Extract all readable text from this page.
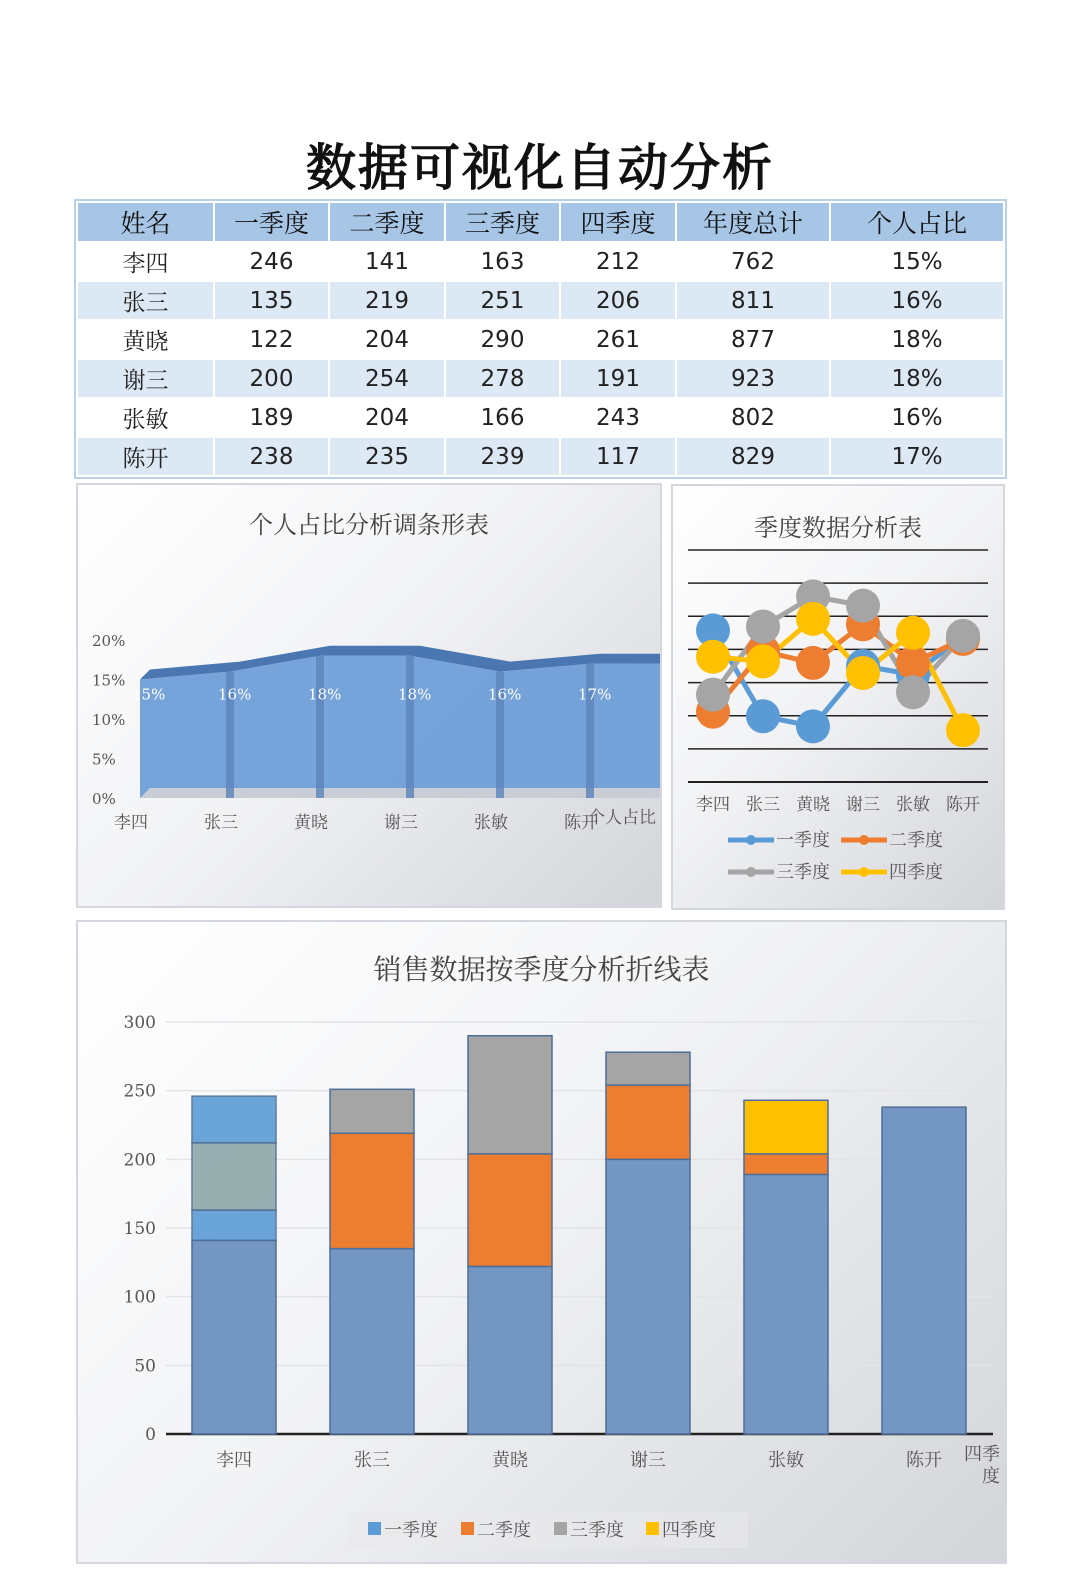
数据可视化自动分析
姓名	一季度	二季度	三季度	四季度	年度总计	个人占比
李四	246	141	163	212	762	15%
张三	135	219	251	206	811	16%
黄晓	122	204	290	261	877	18%
谢三	200	254	278	191	923	18%
张敏	189	204	166	243	802	16%
陈开	238	235	239	117	829	17%
个人占比分析调条形表
0%
5%
10%
15%
20%
15%	16%	18%	18%	16%	17%
李四	张三	黄晓	谢三	张敏	陈开
个人占比
季度数据分析表
李四 张三 黄晓 谢三 张敏 陈开
一季度	二季度
三季度	四季度
销售数据按季度分析折线表
0
50
100
150
200
250
300
李四	张三	黄晓	谢三	张敏	陈开 四季
度
一季度 二季度 三季度 四季度
